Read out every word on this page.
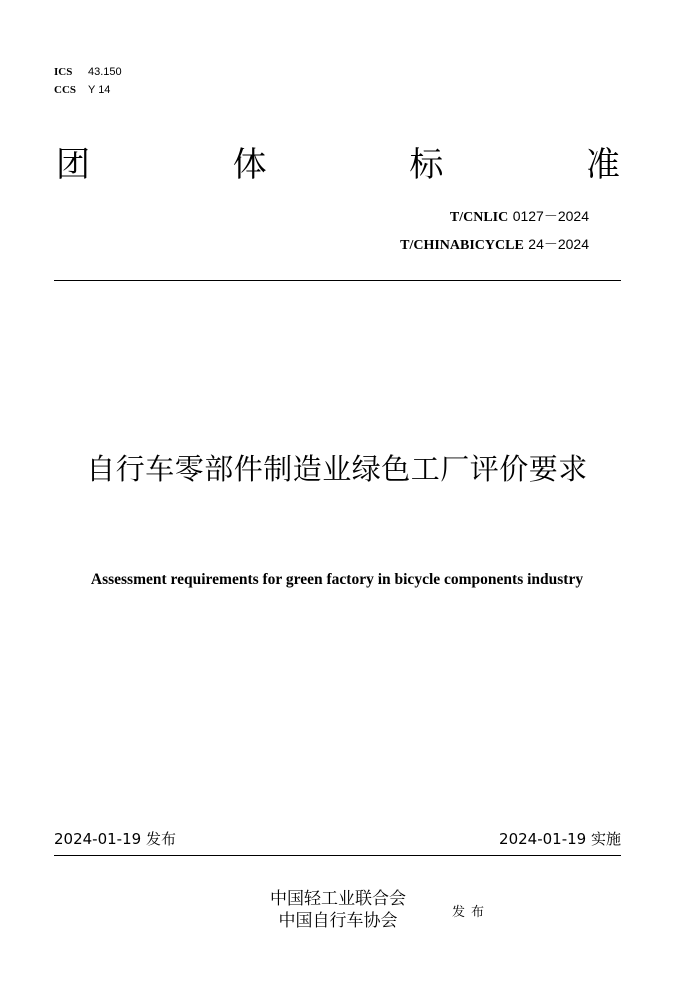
ICS 43.150
CCS Y 14
团	体	标	准
T/CNLIC 0127－2024
T/CHINABICYCLE 24－2024
自行车零部件制造业绿色工厂评价要求
Assessment requirements for green factory in bicycle components industry
2024-01-19 发布	2024-01-19 实施
中国轻工业联合会
中国自行车协会	发布
